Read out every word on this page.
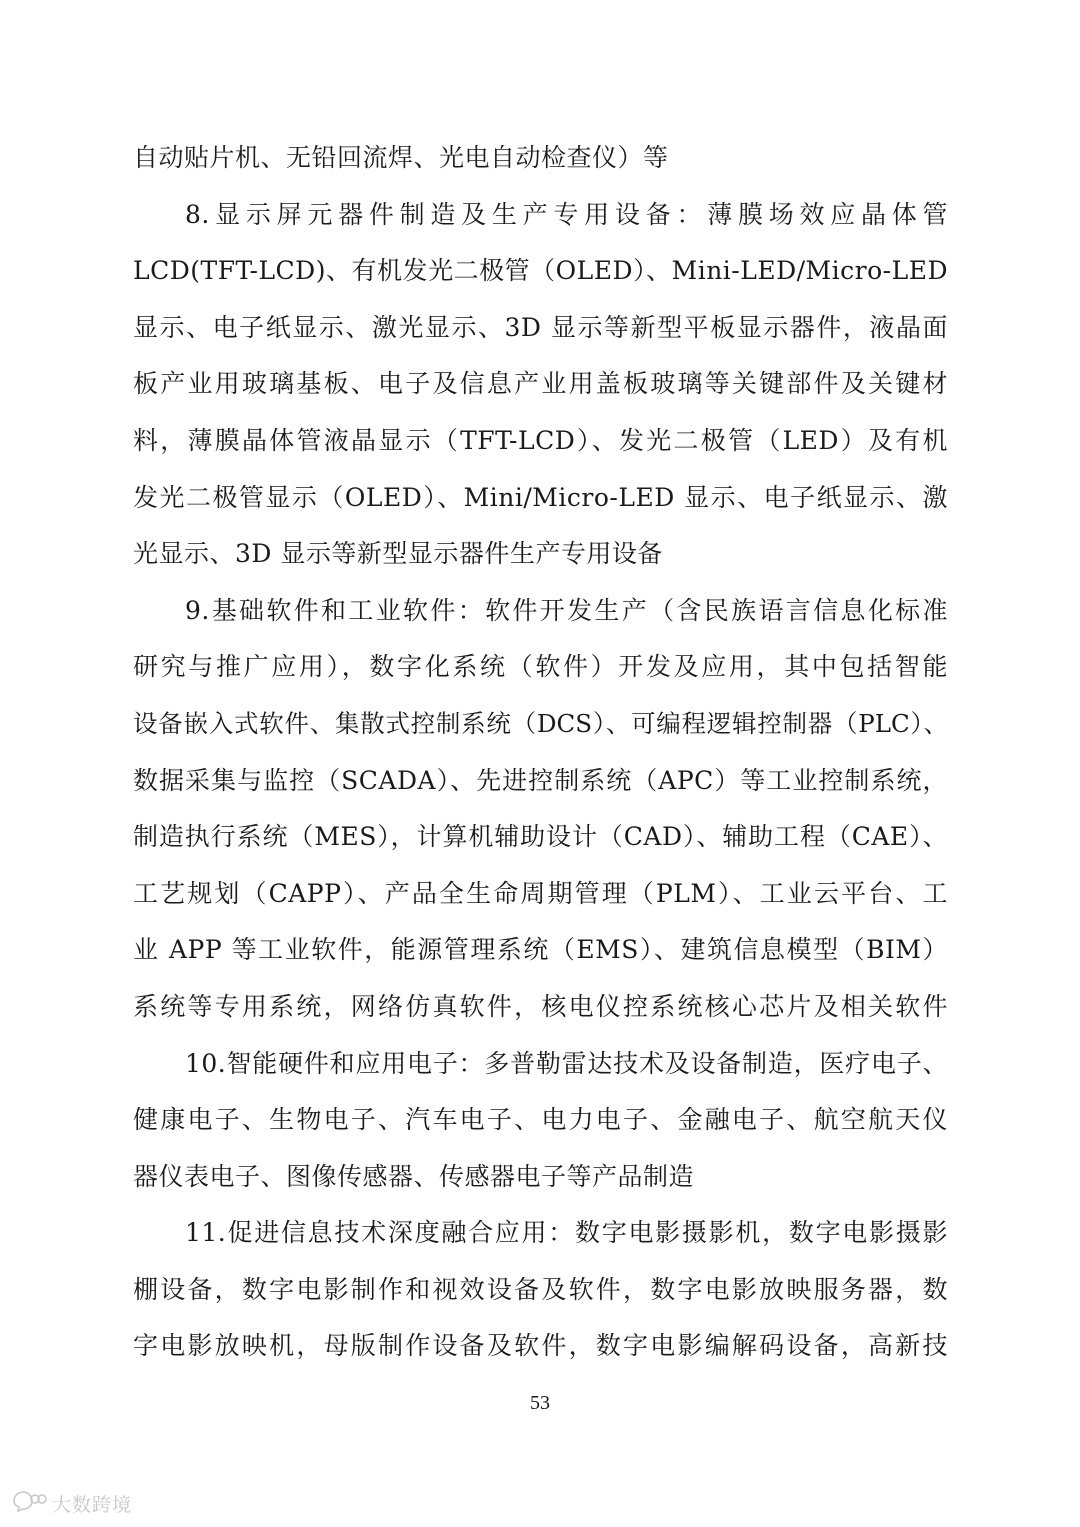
自动贴片机、无铅回流焊、光电自动检查仪）等
8.显示屏元器件制造及生产专用设备：薄膜场效应晶体管
LCD(TFT-LCD)、有机发光二极管（OLED）、Mini-LED/Micro-LED
显示、电子纸显示、激光显示、3D 显示等新型平板显示器件，液晶面
板产业用玻璃基板、电子及信息产业用盖板玻璃等关键部件及关键材
料，薄膜晶体管液晶显示（TFT-LCD）、发光二极管（LED）及有机
发光二极管显示（OLED）、Mini/Micro-LED 显示、电子纸显示、激
光显示、3D 显示等新型显示器件生产专用设备
9.基础软件和工业软件：软件开发生产（含民族语言信息化标准
研究与推广应用），数字化系统（软件）开发及应用，其中包括智能
设备嵌入式软件、集散式控制系统（DCS）、可编程逻辑控制器（PLC）、
数据采集与监控（SCADA）、先进控制系统（APC）等工业控制系统，
制造执行系统（MES），计算机辅助设计（CAD）、辅助工程（CAE）、
工艺规划（CAPP）、产品全生命周期管理（PLM）、工业云平台、工
业 APP 等工业软件，能源管理系统（EMS）、建筑信息模型（BIM）
系统等专用系统，网络仿真软件，核电仪控系统核心芯片及相关软件
10.智能硬件和应用电子：多普勒雷达技术及设备制造，医疗电子、
健康电子、生物电子、汽车电子、电力电子、金融电子、航空航天仪
器仪表电子、图像传感器、传感器电子等产品制造
11.促进信息技术深度融合应用：数字电影摄影机，数字电影摄影
棚设备，数字电影制作和视效设备及软件，数字电影放映服务器，数
字电影放映机，母版制作设备及软件，数字电影编解码设备，高新技
53
大数跨境
